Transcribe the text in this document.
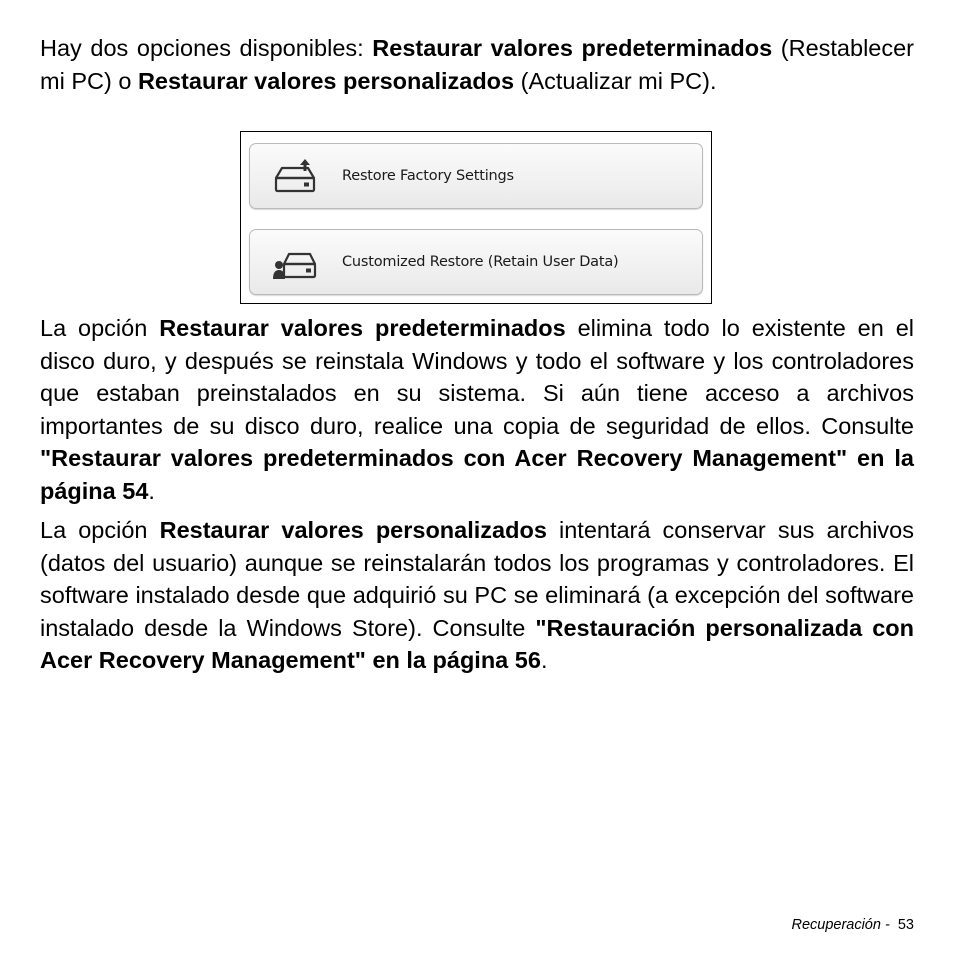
Hay dos opciones disponibles: Restaurar valores predeterminados (Restablecer mi PC) o Restaurar valores personalizados (Actualizar mi PC).

Restore Factory Settings
Customized Restore (Retain User Data)

La opción Restaurar valores predeterminados elimina todo lo existente en el disco duro, y después se reinstala Windows y todo el software y los controladores que estaban preinstalados en su sistema. Si aún tiene acceso a archivos importantes de su disco duro, realice una copia de seguridad de ellos. Consulte "Restaurar valores predeterminados con Acer Recovery Management" en la página 54.

La opción Restaurar valores personalizados intentará conservar sus archivos (datos del usuario) aunque se reinstalarán todos los programas y controladores. El software instalado desde que adquirió su PC se eliminará (a excepción del software instalado desde la Windows Store). Consulte "Restauración personalizada con Acer Recovery Management" en la página 56.

Recuperación -  53
